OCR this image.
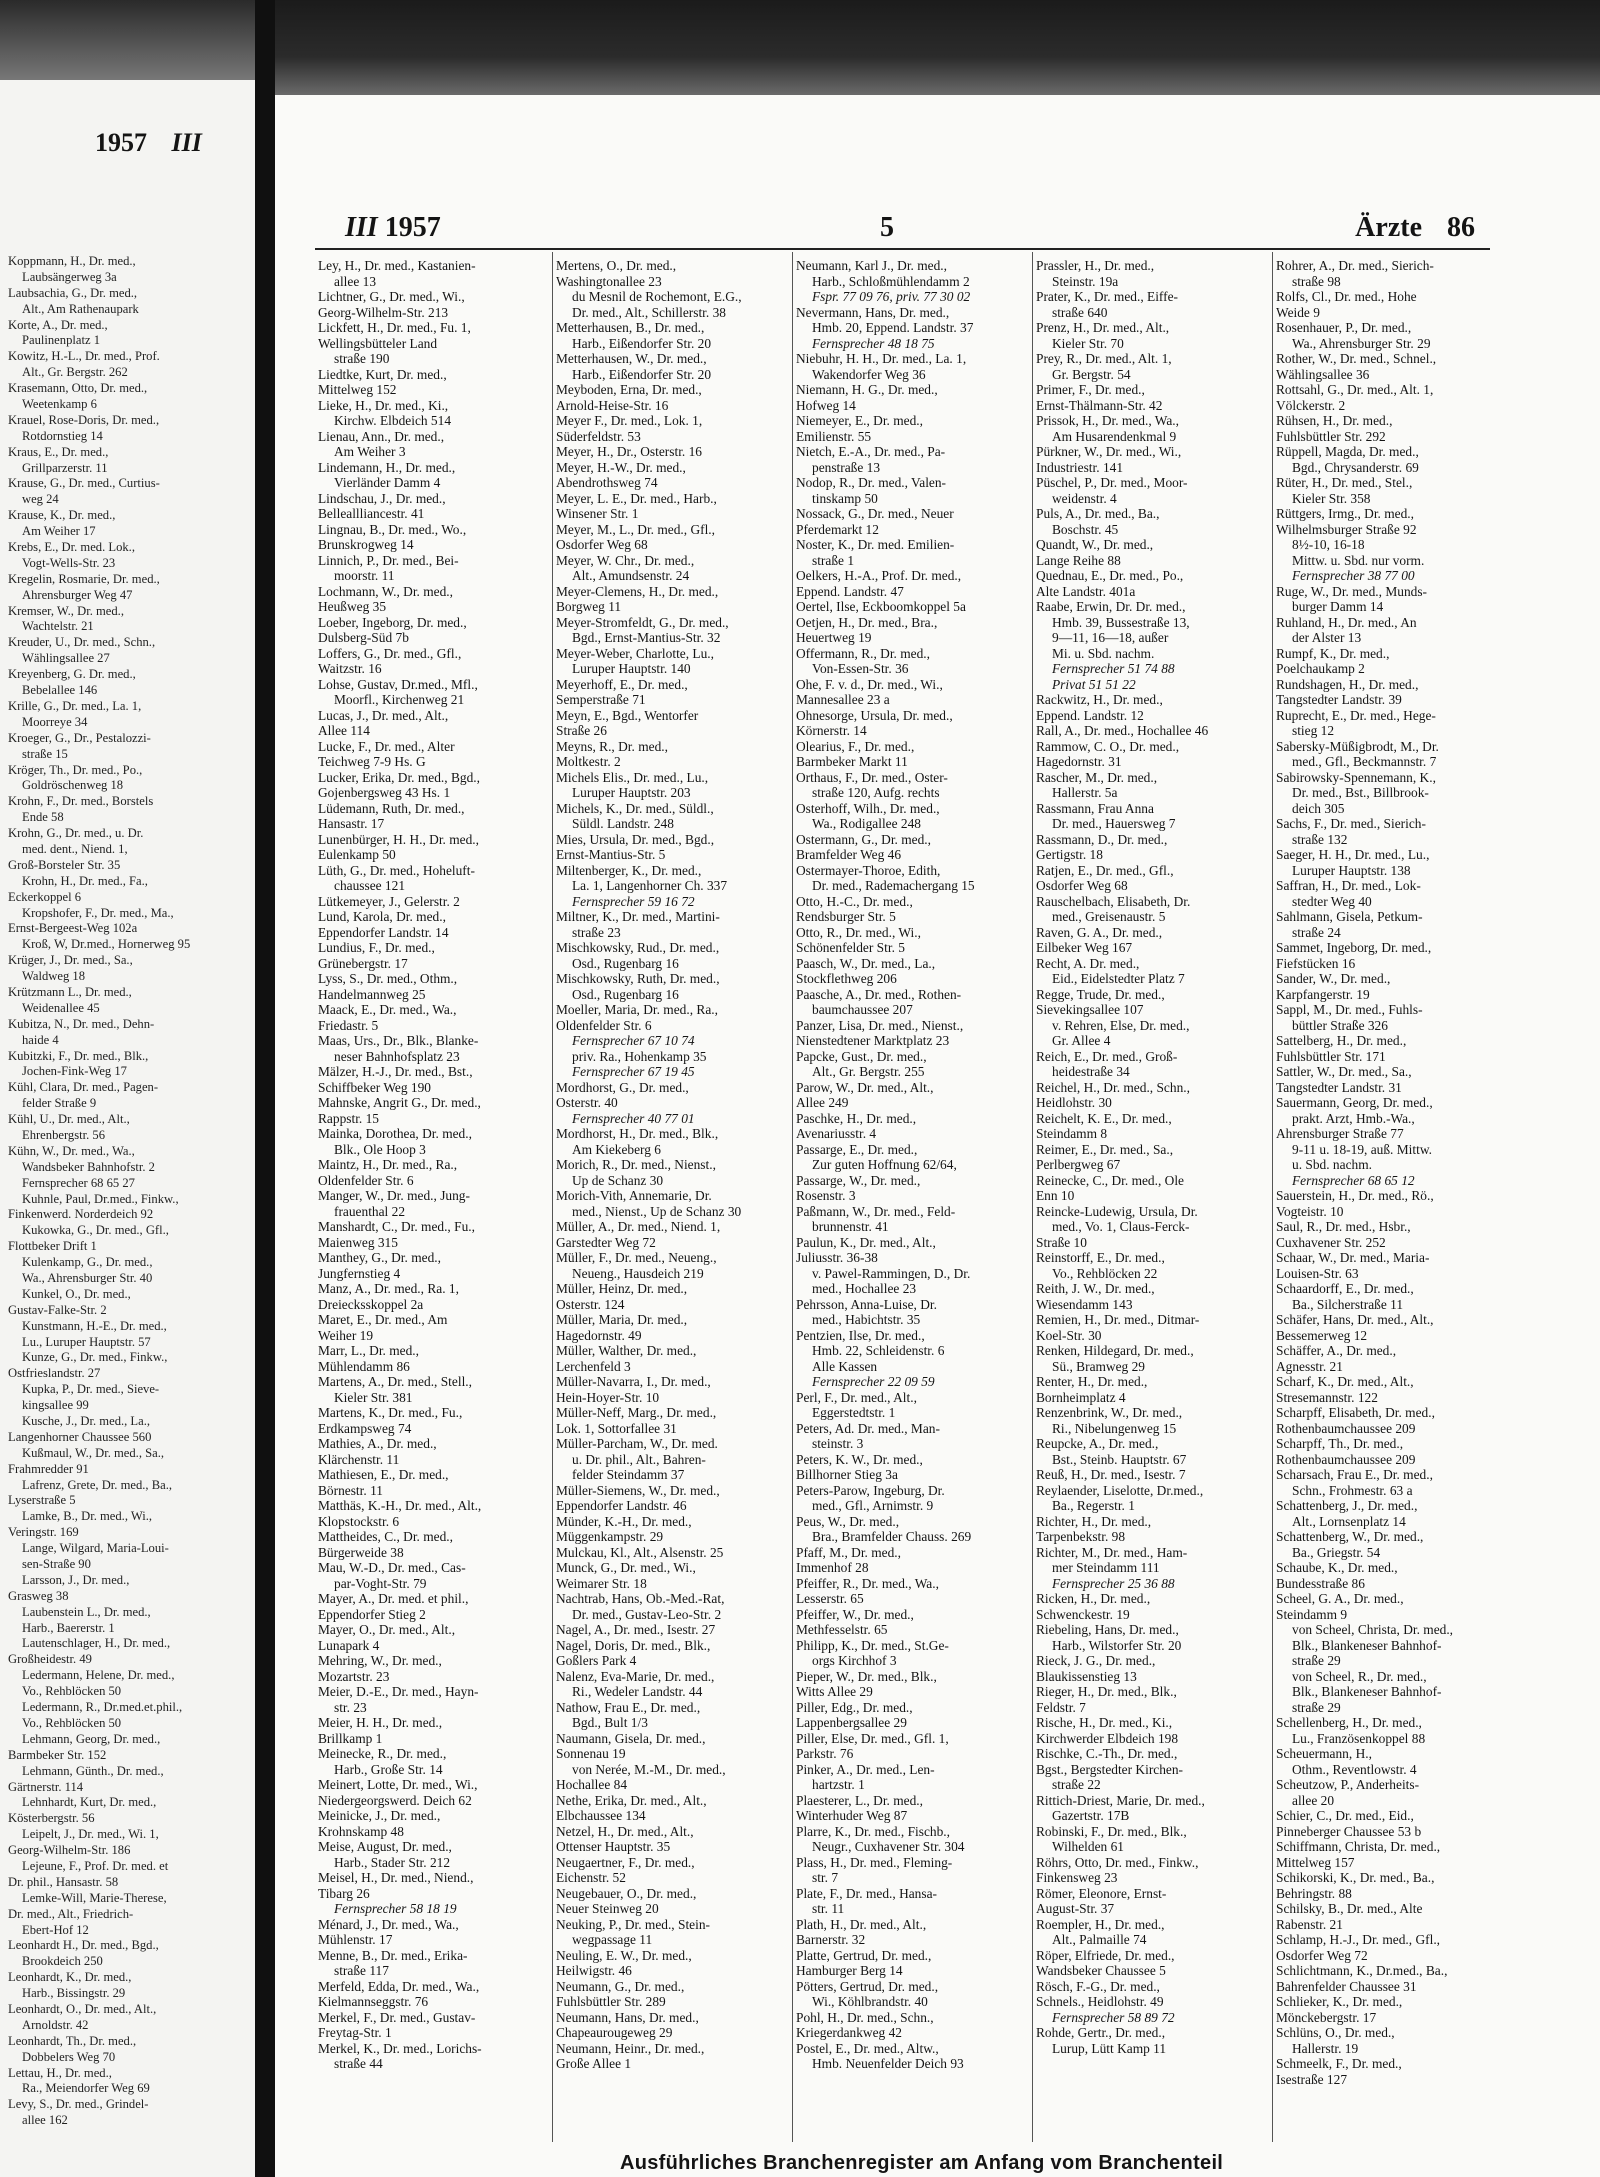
1957 III
Koppmann, H., Dr. med.,
Laubsängerweg 3a
Laubsachia, G., Dr. med.,
Alt., Am Rathenaupark
Korte, A., Dr. med.,
Paulinenplatz 1
Kowitz, H.-L., Dr. med., Prof.
Alt., Gr. Bergstr. 262
Krasemann, Otto, Dr. med.,
Weetenkamp 6
Krauel, Rose-Doris, Dr. med.,
Rotdornstieg 14
Kraus, E., Dr. med.,
Grillparzerstr. 11
Krause, G., Dr. med., Curtius-
weg 24
Krause, K., Dr. med.,
Am Weiher 17
Krebs, E., Dr. med. Lok.,
Vogt-Wells-Str. 23
Kregelin, Rosmarie, Dr. med.,
Ahrensburger Weg 47
Kremser, W., Dr. med.,
Wachtelstr. 21
Kreuder, U., Dr. med., Schn.,
Wählingsallee 27
Kreyenberg, G. Dr. med.,
Bebelallee 146
Krille, G., Dr. med., La. 1,
Moorreye 34
Kroeger, G., Dr., Pestalozzi-
straße 15
Kröger, Th., Dr. med., Po.,
Goldröschenweg 18
Krohn, F., Dr. med., Borstels
Ende 58
Krohn, G., Dr. med., u. Dr.
med. dent., Niend. 1,
Groß-Borsteler Str. 35
Krohn, H., Dr. med., Fa.,
Eckerkoppel 6
Kropshofer, F., Dr. med., Ma.,
Ernst-Bergeest-Weg 102a
Kroß, W, Dr.med., Hornerweg 95
Krüger, J., Dr. med., Sa.,
Waldweg 18
Krützmann L., Dr. med.,
Weidenallee 45
Kubitza, N., Dr. med., Dehn-
haide 4
Kubitzki, F., Dr. med., Blk.,
Jochen-Fink-Weg 17
Kühl, Clara, Dr. med., Pagen-
felder Straße 9
Kühl, U., Dr. med., Alt.,
Ehrenbergstr. 56
Kühn, W., Dr. med., Wa.,
Wandsbeker Bahnhofstr. 2
Fernsprecher 68 65 27
Kuhnle, Paul, Dr.med., Finkw.,
Finkenwerd. Norderdeich 92
Kukowka, G., Dr. med., Gfl.,
Flottbeker Drift 1
Kulenkamp, G., Dr. med.,
Wa., Ahrensburger Str. 40
Kunkel, O., Dr. med.,
Gustav-Falke-Str. 2
Kunstmann, H.-E., Dr. med.,
Lu., Luruper Hauptstr. 57
Kunze, G., Dr. med., Finkw.,
Ostfrieslandstr. 27
Kupka, P., Dr. med., Sieve-
kingsallee 99
Kusche, J., Dr. med., La.,
Langenhorner Chaussee 560
Kußmaul, W., Dr. med., Sa.,
Frahmredder 91
Lafrenz, Grete, Dr. med., Ba.,
Lyserstraße 5
Lamke, B., Dr. med., Wi.,
Veringstr. 169
Lange, Wilgard, Maria-Loui-
sen-Straße 90
Larsson, J., Dr. med.,
Grasweg 38
Laubenstein L., Dr. med.,
Harb., Baererstr. 1
Lautenschlager, H., Dr. med.,
Großheidestr. 49
Ledermann, Helene, Dr. med.,
Vo., Rehblöcken 50
Ledermann, R., Dr.med.et.phil.,
Vo., Rehblöcken 50
Lehmann, Georg, Dr. med.,
Barmbeker Str. 152
Lehmann, Günth., Dr. med.,
Gärtnerstr. 114
Lehnhardt, Kurt, Dr. med.,
Kösterbergstr. 56
Leipelt, J., Dr. med., Wi. 1,
Georg-Wilhelm-Str. 186
Lejeune, F., Prof. Dr. med. et
Dr. phil., Hansastr. 58
Lemke-Will, Marie-Therese,
Dr. med., Alt., Friedrich-
Ebert-Hof 12
Leonhardt H., Dr. med., Bgd.,
Brookdeich 250
Leonhardt, K., Dr. med.,
Harb., Bissingstr. 29
Leonhardt, O., Dr. med., Alt.,
Arnoldstr. 42
Leonhardt, Th., Dr. med.,
Dobbelers Weg 70
Lettau, H., Dr. med.,
Ra., Meiendorfer Weg 69
Levy, S., Dr. med., Grindel-
allee 162
III 1957	5	Ärzte 86
Ley, H., Dr. med., Kastanien-
allee 13
Lichtner, G., Dr. med., Wi.,
Georg-Wilhelm-Str. 213
Lickfett, H., Dr. med., Fu. 1,
Wellingsbütteler Land
straße 190
Liedtke, Kurt, Dr. med.,
Mittelweg 152
Lieke, H., Dr. med., Ki.,
Kirchw. Elbdeich 514
Lienau, Ann., Dr. med.,
Am Weiher 3
Lindemann, H., Dr. med.,
Vierländer Damm 4
Lindschau, J., Dr. med.,
Belleallliancestr. 41
Lingnau, B., Dr. med., Wo.,
Brunskrogweg 14
Linnich, P., Dr. med., Bei-
moorstr. 11
Lochmann, W., Dr. med.,
Heußweg 35
Loeber, Ingeborg, Dr. med.,
Dulsberg-Süd 7b
Loffers, G., Dr. med., Gfl.,
Waitzstr. 16
Lohse, Gustav, Dr.med., Mfl.,
Moorfl., Kirchenweg 21
Lucas, J., Dr. med., Alt.,
Allee 114
Lucke, F., Dr. med., Alter
Teichweg 7-9 Hs. G
Lucker, Erika, Dr. med., Bgd.,
Gojenbergsweg 43 Hs. 1
Lüdemann, Ruth, Dr. med.,
Hansastr. 17
Lunenbürger, H. H., Dr. med.,
Eulenkamp 50
Lüth, G., Dr. med., Hoheluft-
chaussee 121
Lütkemeyer, J., Gelerstr. 2
Lund, Karola, Dr. med.,
Eppendorfer Landstr. 14
Lundius, F., Dr. med.,
Grünebergstr. 17
Lyss, S., Dr. med., Othm.,
Handelmannweg 25
Maack, E., Dr. med., Wa.,
Friedastr. 5
Maas, Urs., Dr., Blk., Blanke-
neser Bahnhofsplatz 23
Mälzer, H.-J., Dr. med., Bst.,
Schiffbeker Weg 190
Mahnske, Angrit G., Dr. med.,
Rappstr. 15
Mainka, Dorothea, Dr. med.,
Blk., Ole Hoop 3
Maintz, H., Dr. med., Ra.,
Oldenfelder Str. 6
Manger, W., Dr. med., Jung-
frauenthal 22
Manshardt, C., Dr. med., Fu.,
Maienweg 315
Manthey, G., Dr. med.,
Jungfernstieg 4
Manz, A., Dr. med., Ra. 1,
Dreiecksskoppel 2a
Maret, E., Dr. med., Am
Weiher 19
Marr, L., Dr. med.,
Mühlendamm 86
Martens, A., Dr. med., Stell.,
Kieler Str. 381
Martens, K., Dr. med., Fu.,
Erdkampsweg 74
Mathies, A., Dr. med.,
Klärchenstr. 11
Mathiesen, E., Dr. med.,
Börnestr. 11
Matthäs, K.-H., Dr. med., Alt.,
Klopstockstr. 6
Mattheides, C., Dr. med.,
Bürgerweide 38
Mau, W.-D., Dr. med., Cas-
par-Voght-Str. 79
Mayer, A., Dr. med. et phil.,
Eppendorfer Stieg 2
Mayer, O., Dr. med., Alt.,
Lunapark 4
Mehring, W., Dr. med.,
Mozartstr. 23
Meier, D.-E., Dr. med., Hayn-
str. 23
Meier, H. H., Dr. med.,
Brillkamp 1
Meinecke, R., Dr. med.,
Harb., Große Str. 14
Meinert, Lotte, Dr. med., Wi.,
Niedergeorgswerd. Deich 62
Meinicke, J., Dr. med.,
Krohnskamp 48
Meise, August, Dr. med.,
Harb., Stader Str. 212
Meisel, H., Dr. med., Niend.,
Tibarg 26
Fernsprecher 58 18 19
Ménard, J., Dr. med., Wa.,
Mühlenstr. 17
Menne, B., Dr. med., Erika-
straße 117
Merfeld, Edda, Dr. med., Wa.,
Kielmannseggstr. 76
Merkel, F., Dr. med., Gustav-
Freytag-Str. 1
Merkel, K., Dr. med., Lorichs-
straße 44
Mertens, O., Dr. med.,
Washingtonallee 23
du Mesnil de Rochemont, E.G.,
Dr. med., Alt., Schillerstr. 38
Metterhausen, B., Dr. med.,
Harb., Eißendorfer Str. 20
Metterhausen, W., Dr. med.,
Harb., Eißendorfer Str. 20
Meyboden, Erna, Dr. med.,
Arnold-Heise-Str. 16
Meyer F., Dr. med., Lok. 1,
Süderfeldstr. 53
Meyer, H., Dr., Osterstr. 16
Meyer, H.-W., Dr. med.,
Abendrothsweg 74
Meyer, L. E., Dr. med., Harb.,
Winsener Str. 1
Meyer, M., L., Dr. med., Gfl.,
Osdorfer Weg 68
Meyer, W. Chr., Dr. med.,
Alt., Amundsenstr. 24
Meyer-Clemens, H., Dr. med.,
Borgweg 11
Meyer-Stromfeldt, G., Dr. med.,
Bgd., Ernst-Mantius-Str. 32
Meyer-Weber, Charlotte, Lu.,
Luruper Hauptstr. 140
Meyerhoff, E., Dr. med.,
Semperstraße 71
Meyn, E., Bgd., Wentorfer
Straße 26
Meyns, R., Dr. med.,
Moltkestr. 2
Michels Elis., Dr. med., Lu.,
Luruper Hauptstr. 203
Michels, K., Dr. med., Süldl.,
Süldl. Landstr. 248
Mies, Ursula, Dr. med., Bgd.,
Ernst-Mantius-Str. 5
Miltenberger, K., Dr. med.,
La. 1, Langenhorner Ch. 337
Fernsprecher 59 16 72
Miltner, K., Dr. med., Martini-
straße 23
Mischkowsky, Rud., Dr. med.,
Osd., Rugenbarg 16
Mischkowsky, Ruth, Dr. med.,
Osd., Rugenbarg 16
Moeller, Maria, Dr. med., Ra.,
Oldenfelder Str. 6
Fernsprecher 67 10 74
priv. Ra., Hohenkamp 35
Fernsprecher 67 19 45
Mordhorst, G., Dr. med.,
Osterstr. 40
Fernsprecher 40 77 01
Mordhorst, H., Dr. med., Blk.,
Am Kiekeberg 6
Morich, R., Dr. med., Nienst.,
Up de Schanz 30
Morich-Vith, Annemarie, Dr.
med., Nienst., Up de Schanz 30
Müller, A., Dr. med., Niend. 1,
Garstedter Weg 72
Müller, F., Dr. med., Neueng.,
Neueng., Hausdeich 219
Müller, Heinz, Dr. med.,
Osterstr. 124
Müller, Maria, Dr. med.,
Hagedornstr. 49
Müller, Walther, Dr. med.,
Lerchenfeld 3
Müller-Navarra, I., Dr. med.,
Hein-Hoyer-Str. 10
Müller-Neff, Marg., Dr. med.,
Lok. 1, Sottorfallee 31
Müller-Parcham, W., Dr. med.
u. Dr. phil., Alt., Bahren-
felder Steindamm 37
Müller-Siemens, W., Dr. med.,
Eppendorfer Landstr. 46
Münder, K.-H., Dr. med.,
Müggenkampstr. 29
Mulckau, Kl., Alt., Alsenstr. 25
Munck, G., Dr. med., Wi.,
Weimarer Str. 18
Nachtrab, Hans, Ob.-Med.-Rat,
Dr. med., Gustav-Leo-Str. 2
Nagel, A., Dr. med., Isestr. 27
Nagel, Doris, Dr. med., Blk.,
Goßlers Park 4
Nalenz, Eva-Marie, Dr. med.,
Ri., Wedeler Landstr. 44
Nathow, Frau E., Dr. med.,
Bgd., Bult 1/3
Naumann, Gisela, Dr. med.,
Sonnenau 19
von Nerée, M.-M., Dr. med.,
Hochallee 84
Nethe, Erika, Dr. med., Alt.,
Elbchaussee 134
Netzel, H., Dr. med., Alt.,
Ottenser Hauptstr. 35
Neugaertner, F., Dr. med.,
Eichenstr. 52
Neugebauer, O., Dr. med.,
Neuer Steinweg 20
Neuking, P., Dr. med., Stein-
wegpassage 11
Neuling, E. W., Dr. med.,
Heilwigstr. 46
Neumann, G., Dr. med.,
Fuhlsbüttler Str. 289
Neumann, Hans, Dr. med.,
Chapeaurougeweg 29
Neumann, Heinr., Dr. med.,
Große Allee 1
Neumann, Karl J., Dr. med.,
Harb., Schloßmühlendamm 2
Fspr. 77 09 76, priv. 77 30 02
Nevermann, Hans, Dr. med.,
Hmb. 20, Eppend. Landstr. 37
Fernsprecher 48 18 75
Niebuhr, H. H., Dr. med., La. 1,
Wakendorfer Weg 36
Niemann, H. G., Dr. med.,
Hofweg 14
Niemeyer, E., Dr. med.,
Emilienstr. 55
Nietch, E.-A., Dr. med., Pa-
penstraße 13
Nodop, R., Dr. med., Valen-
tinskamp 50
Nossack, G., Dr. med., Neuer
Pferdemarkt 12
Noster, K., Dr. med. Emilien-
straße 1
Oelkers, H.-A., Prof. Dr. med.,
Eppend. Landstr. 47
Oertel, Ilse, Eckboomkoppel 5a
Oetjen, H., Dr. med., Bra.,
Heuertweg 19
Offermann, R., Dr. med.,
Von-Essen-Str. 36
Ohe, F. v. d., Dr. med., Wi.,
Mannesallee 23 a
Ohnesorge, Ursula, Dr. med.,
Körnerstr. 14
Olearius, F., Dr. med.,
Barmbeker Markt 11
Orthaus, F., Dr. med., Oster-
straße 120, Aufg. rechts
Osterhoff, Wilh., Dr. med.,
Wa., Rodigallee 248
Ostermann, G., Dr. med.,
Bramfelder Weg 46
Ostermayer-Thoroe, Edith,
Dr. med., Rademachergang 15
Otto, H.-C., Dr. med.,
Rendsburger Str. 5
Otto, R., Dr. med., Wi.,
Schönenfelder Str. 5
Paasch, W., Dr. med., La.,
Stockflethweg 206
Paasche, A., Dr. med., Rothen-
baumchaussee 207
Panzer, Lisa, Dr. med., Nienst.,
Nienstedtener Marktplatz 23
Papcke, Gust., Dr. med.,
Alt., Gr. Bergstr. 255
Parow, W., Dr. med., Alt.,
Allee 249
Paschke, H., Dr. med.,
Avenariusstr. 4
Passarge, E., Dr. med.,
Zur guten Hoffnung 62/64,
Passarge, W., Dr. med.,
Rosenstr. 3
Paßmann, W., Dr. med., Feld-
brunnenstr. 41
Paulun, K., Dr. med., Alt.,
Juliusstr. 36-38
v. Pawel-Rammingen, D., Dr.
med., Hochallee 23
Pehrsson, Anna-Luise, Dr.
med., Habichtstr. 35
Pentzien, Ilse, Dr. med.,
Hmb. 22, Schleidenstr. 6
Alle Kassen
Fernsprecher 22 09 59
Perl, F., Dr. med., Alt.,
Eggerstedtstr. 1
Peters, Ad. Dr. med., Man-
steinstr. 3
Peters, K. W., Dr. med.,
Billhorner Stieg 3a
Peters-Parow, Ingeburg, Dr.
med., Gfl., Arnimstr. 9
Peus, W., Dr. med.,
Bra., Bramfelder Chauss. 269
Pfaff, M., Dr. med.,
Immenhof 28
Pfeiffer, R., Dr. med., Wa.,
Lesserstr. 65
Pfeiffer, W., Dr. med.,
Methfesselstr. 65
Philipp, K., Dr. med., St.Ge-
orgs Kirchhof 3
Pieper, W., Dr. med., Blk.,
Witts Allee 29
Piller, Edg., Dr. med.,
Lappenbergsallee 29
Piller, Else, Dr. med., Gfl. 1,
Parkstr. 76
Pinker, A., Dr. med., Len-
hartzstr. 1
Plaesterer, L., Dr. med.,
Winterhuder Weg 87
Plarre, K., Dr. med., Fischb.,
Neugr., Cuxhavener Str. 304
Plass, H., Dr. med., Fleming-
str. 7
Plate, F., Dr. med., Hansa-
str. 11
Plath, H., Dr. med., Alt.,
Barnerstr. 32
Platte, Gertrud, Dr. med.,
Hamburger Berg 14
Pötters, Gertrud, Dr. med.,
Wi., Köhlbrandstr. 40
Pohl, H., Dr. med., Schn.,
Kriegerdankweg 42
Postel, E., Dr. med., Altw.,
Hmb. Neuenfelder Deich 93
Prassler, H., Dr. med.,
Steinstr. 19a
Prater, K., Dr. med., Eiffe-
straße 640
Prenz, H., Dr. med., Alt.,
Kieler Str. 70
Prey, R., Dr. med., Alt. 1,
Gr. Bergstr. 54
Primer, F., Dr. med.,
Ernst-Thälmann-Str. 42
Prissok, H., Dr. med., Wa.,
Am Husarendenkmal 9
Pürkner, W., Dr. med., Wi.,
Industriestr. 141
Püschel, P., Dr. med., Moor-
weidenstr. 4
Puls, A., Dr. med., Ba.,
Boschstr. 45
Quandt, W., Dr. med.,
Lange Reihe 88
Quednau, E., Dr. med., Po.,
Alte Landstr. 401a
Raabe, Erwin, Dr. Dr. med.,
Hmb. 39, Bussestraße 13,
9—11, 16—18, außer
Mi. u. Sbd. nachm.
Fernsprecher 51 74 88
Privat 51 51 22
Rackwitz, H., Dr. med.,
Eppend. Landstr. 12
Rall, A., Dr. med., Hochallee 46
Rammow, C. O., Dr. med.,
Hagedornstr. 31
Rascher, M., Dr. med.,
Hallerstr. 5a
Rassmann, Frau Anna
Dr. med., Hauersweg 7
Rassmann, D., Dr. med.,
Gertigstr. 18
Ratjen, E., Dr. med., Gfl.,
Osdorfer Weg 68
Rauschelbach, Elisabeth, Dr.
med., Greisenaustr. 5
Raven, G. A., Dr. med.,
Eilbeker Weg 167
Recht, A. Dr. med.,
Eid., Eidelstedter Platz 7
Regge, Trude, Dr. med.,
Sievekingsallee 107
v. Rehren, Else, Dr. med.,
Gr. Allee 4
Reich, E., Dr. med., Groß-
heidestraße 34
Reichel, H., Dr. med., Schn.,
Heidlohstr. 30
Reichelt, K. E., Dr. med.,
Steindamm 8
Reimer, E., Dr. med., Sa.,
Perlbergweg 67
Reinecke, C., Dr. med., Ole
Enn 10
Reincke-Ludewig, Ursula, Dr.
med., Vo. 1, Claus-Ferck-
Straße 10
Reinstorff, E., Dr. med.,
Vo., Rehblöcken 22
Reith, J. W., Dr. med.,
Wiesendamm 143
Remien, H., Dr. med., Ditmar-
Koel-Str. 30
Renken, Hildegard, Dr. med.,
Sü., Bramweg 29
Renter, H., Dr. med.,
Bornheimplatz 4
Renzenbrink, W., Dr. med.,
Ri., Nibelungenweg 15
Reupcke, A., Dr. med.,
Bst., Steinb. Hauptstr. 67
Reuß, H., Dr. med., Isestr. 7
Reylaender, Liselotte, Dr.med.,
Ba., Regerstr. 1
Richter, H., Dr. med.,
Tarpenbekstr. 98
Richter, M., Dr. med., Ham-
mer Steindamm 111
Fernsprecher 25 36 88
Ricken, H., Dr. med.,
Schwenckestr. 19
Riebeling, Hans, Dr. med.,
Harb., Wilstorfer Str. 20
Rieck, J. G., Dr. med.,
Blaukissenstieg 13
Rieger, H., Dr. med., Blk.,
Feldstr. 7
Rische, H., Dr. med., Ki.,
Kirchwerder Elbdeich 198
Rischke, C.-Th., Dr. med.,
Bgst., Bergstedter Kirchen-
straße 22
Rittich-Driest, Marie, Dr. med.,
Gazertstr. 17B
Robinski, F., Dr. med., Blk.,
Wilhelden 61
Röhrs, Otto, Dr. med., Finkw.,
Finkensweg 23
Römer, Eleonore, Ernst-
August-Str. 37
Roempler, H., Dr. med.,
Alt., Palmaille 74
Röper, Elfriede, Dr. med.,
Wandsbeker Chaussee 5
Rösch, F.-G., Dr. med.,
Schnels., Heidlohstr. 49
Fernsprecher 58 89 72
Rohde, Gertr., Dr. med.,
Lurup, Lütt Kamp 11
Rohrer, A., Dr. med., Sierich-
straße 98
Rolfs, Cl., Dr. med., Hohe
Weide 9
Rosenhauer, P., Dr. med.,
Wa., Ahrensburger Str. 29
Rother, W., Dr. med., Schnel.,
Wählingsallee 36
Rottsahl, G., Dr. med., Alt. 1,
Völckerstr. 2
Rühsen, H., Dr. med.,
Fuhlsbüttler Str. 292
Rüppell, Magda, Dr. med.,
Bgd., Chrysanderstr. 69
Rüter, H., Dr. med., Stel.,
Kieler Str. 358
Rüttgers, Irmg., Dr. med.,
Wilhelmsburger Straße 92
8½-10, 16-18
Mittw. u. Sbd. nur vorm.
Fernsprecher 38 77 00
Ruge, W., Dr. med., Munds-
burger Damm 14
Ruhland, H., Dr. med., An
der Alster 13
Rumpf, K., Dr. med.,
Poelchaukamp 2
Rundshagen, H., Dr. med.,
Tangstedter Landstr. 39
Ruprecht, E., Dr. med., Hege-
stieg 12
Sabersky-Müßigbrodt, M., Dr.
med., Gfl., Beckmannstr. 7
Sabirowsky-Spennemann, K.,
Dr. med., Bst., Billbrook-
deich 305
Sachs, F., Dr. med., Sierich-
straße 132
Saeger, H. H., Dr. med., Lu.,
Luruper Hauptstr. 138
Saffran, H., Dr. med., Lok-
stedter Weg 40
Sahlmann, Gisela, Petkum-
straße 24
Sammet, Ingeborg, Dr. med.,
Fiefstücken 16
Sander, W., Dr. med.,
Karpfangerstr. 19
Sappl, M., Dr. med., Fuhls-
büttler Straße 326
Sattelberg, H., Dr. med.,
Fuhlsbüttler Str. 171
Sattler, W., Dr. med., Sa.,
Tangstedter Landstr. 31
Sauermann, Georg, Dr. med.,
prakt. Arzt, Hmb.-Wa.,
Ahrensburger Straße 77
9-11 u. 18-19, auß. Mittw.
u. Sbd. nachm.
Fernsprecher 68 65 12
Sauerstein, H., Dr. med., Rö.,
Vogteistr. 10
Saul, R., Dr. med., Hsbr.,
Cuxhavener Str. 252
Schaar, W., Dr. med., Maria-
Louisen-Str. 63
Schaardorff, E., Dr. med.,
Ba., Silcherstraße 11
Schäfer, Hans, Dr. med., Alt.,
Bessemerweg 12
Schäffer, A., Dr. med.,
Agnesstr. 21
Scharf, K., Dr. med., Alt.,
Stresemannstr. 122
Scharpff, Elisabeth, Dr. med.,
Rothenbaumchaussee 209
Scharpff, Th., Dr. med.,
Rothenbaumchaussee 209
Scharsach, Frau E., Dr. med.,
Schn., Frohmestr. 63 a
Schattenberg, J., Dr. med.,
Alt., Lornsenplatz 14
Schattenberg, W., Dr. med.,
Ba., Griegstr. 54
Schaube, K., Dr. med.,
Bundesstraße 86
Scheel, G. A., Dr. med.,
Steindamm 9
von Scheel, Christa, Dr. med.,
Blk., Blankeneser Bahnhof-
straße 29
von Scheel, R., Dr. med.,
Blk., Blankeneser Bahnhof-
straße 29
Schellenberg, H., Dr. med.,
Lu., Französenkoppel 88
Scheuermann, H.,
Othm., Reventlowstr. 4
Scheutzow, P., Anderheits-
allee 20
Schier, C., Dr. med., Eid.,
Pinneberger Chaussee 53 b
Schiffmann, Christa, Dr. med.,
Mittelweg 157
Schikorski, K., Dr. med., Ba.,
Behringstr. 88
Schilsky, B., Dr. med., Alte
Rabenstr. 21
Schlamp, H.-J., Dr. med., Gfl.,
Osdorfer Weg 72
Schlichtmann, K., Dr.med., Ba.,
Bahrenfelder Chaussee 31
Schlieker, K., Dr. med.,
Mönckebergstr. 17
Schlüns, O., Dr. med.,
Hallerstr. 19
Schmeelk, F., Dr. med.,
Isestraße 127
Ausführliches Branchenregister am Anfang vom Branchenteil
